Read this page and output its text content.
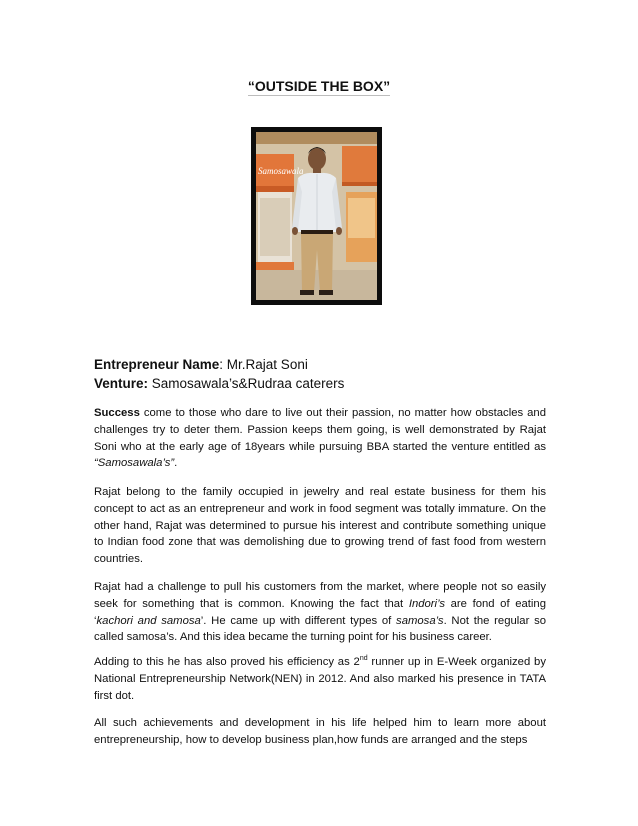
“OUTSIDE THE BOX”
Samosawala
Entrepreneur Name: Mr.Rajat Soni
Venture: Samosawala’s&Rudraa caterers

Success come to those who dare to live out their passion, no matter how obstacles and challenges try to deter them. Passion keeps them going, is well demonstrated by Rajat Soni who at the early age of 18years while pursuing BBA started the venture entitled as “Samosawala’s”.

Rajat belong to the family occupied in jewelry and real estate business for them his concept to act as an entrepreneur and work in food segment was totally immature. On the other hand, Rajat was determined to pursue his interest and contribute something unique to Indian food zone that was demolishing due to growing trend of fast food from western countries.

Rajat had a challenge to pull his customers from the market, where people not so easily seek for something that is common. Knowing the fact that Indori’s are fond of eating ‘kachori and samosa’. He came up with different types of samosa’s. Not the regular so called samosa’s. And this idea became the turning point for his business career.

Adding to this he has also proved his efficiency as 2nd runner up in E-Week organized by National Entrepreneurship Network(NEN) in 2012. And also marked his presence in TATA first dot.

All such achievements and development in his life helped him to learn more about entrepreneurship, how to develop business plan,how funds are arranged and the steps
